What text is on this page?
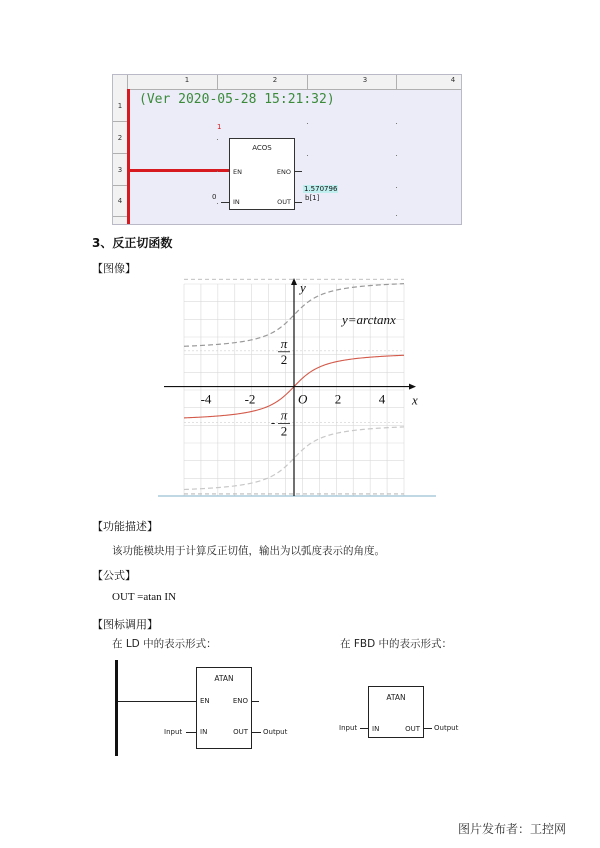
1	2	3	4
1
2
3
4
(Ver 2020-05-28 15:21:32)
1
ACOS
EN	ENO
IN	OUT
0
1.570796
b[1]
3、反正切函数
【图像】
-4	-2	2	4
O	x
y
y=arctanx
π
2
- π
2
【功能描述】
该功能模块用于计算反正切值，输出为以弧度表示的角度。
【公式】
OUT =atan IN
【图标调用】
在 LD 中的表示形式：	在 FBD 中的表示形式：
ATAN
EN	ENO
IN	OUT
Input	Output
ATAN
IN	OUT
Input	Output
图片发布者：工控网
